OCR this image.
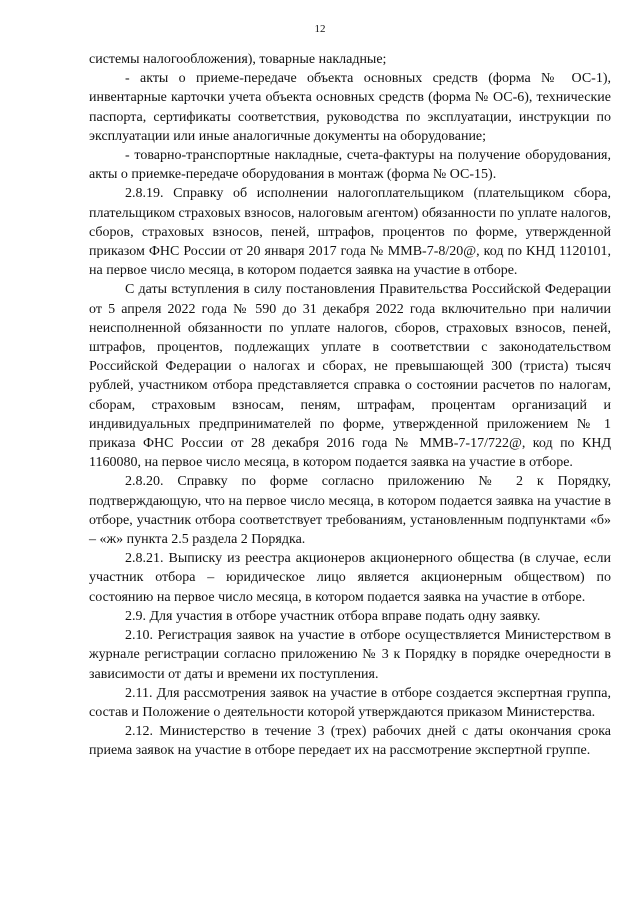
12

системы налогообложения), товарные накладные;

- акты о приеме-передаче объекта основных средств (форма № ОС-1), инвентарные карточки учета объекта основных средств (форма № ОС-6), технические паспорта, сертификаты соответствия, руководства по эксплуатации, инструкции по эксплуатации или иные аналогичные документы на оборудование;

- товарно-транспортные накладные, счета-фактуры на получение оборудования, акты о приемке-передаче оборудования в монтаж (форма № ОС-15).

2.8.19. Справку об исполнении налогоплательщиком (плательщиком сбора, плательщиком страховых взносов, налоговым агентом) обязанности по уплате налогов, сборов, страховых взносов, пеней, штрафов, процентов по форме, утвержденной приказом ФНС России от 20 января 2017 года № ММВ-7-8/20@, код по КНД 1120101, на первое число месяца, в котором подается заявка на участие в отборе.

С даты вступления в силу постановления Правительства Российской Федерации от 5 апреля 2022 года № 590 до 31 декабря 2022 года включительно при наличии неисполненной обязанности по уплате налогов, сборов, страховых взносов, пеней, штрафов, процентов, подлежащих уплате в соответствии с законодательством Российской Федерации о налогах и сборах, не превышающей 300 (триста) тысяч рублей, участником отбора представляется справка о состоянии расчетов по налогам, сборам, страховым взносам, пеням, штрафам, процентам организаций и индивидуальных предпринимателей по форме, утвержденной приложением № 1 приказа ФНС России от 28 декабря 2016 года № ММВ-7-17/722@, код по КНД 1160080, на первое число месяца, в котором подается заявка на участие в отборе.

2.8.20. Справку по форме согласно приложению № 2 к Порядку, подтверждающую, что на первое число месяца, в котором подается заявка на участие в отборе, участник отбора соответствует требованиям, установленным подпунктами «б» – «ж» пункта 2.5 раздела 2 Порядка.

2.8.21. Выписку из реестра акционеров акционерного общества (в случае, если участник отбора – юридическое лицо является акционерным обществом) по состоянию на первое число месяца, в котором подается заявка на участие в отборе.

2.9. Для участия в отборе участник отбора вправе подать одну заявку.

2.10. Регистрация заявок на участие в отборе осуществляется Министерством в журнале регистрации согласно приложению № 3 к Порядку в порядке очередности в зависимости от даты и времени их поступления.

2.11. Для рассмотрения заявок на участие в отборе создается экспертная группа, состав и Положение о деятельности которой утверждаются приказом Министерства.

2.12. Министерство в течение 3 (трех) рабочих дней с даты окончания срока приема заявок на участие в отборе передает их на рассмотрение экспертной группе.
